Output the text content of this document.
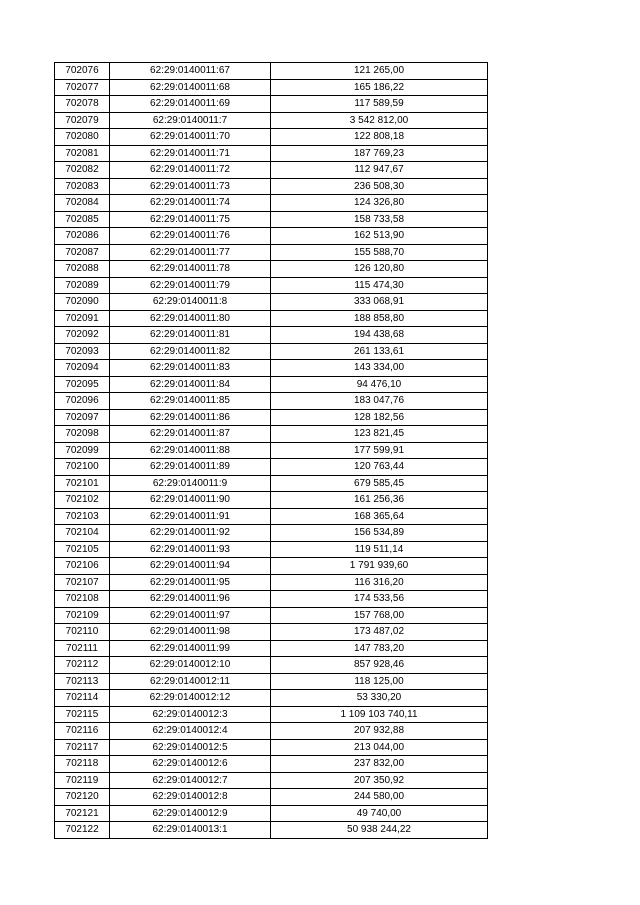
702076	62:29:0140011:67	121 265,00
702077	62:29:0140011:68	165 186,22
702078	62:29:0140011:69	117 589,59
702079	62:29:0140011:7	3 542 812,00
702080	62:29:0140011:70	122 808,18
702081	62:29:0140011:71	187 769,23
702082	62:29:0140011:72	112 947,67
702083	62:29:0140011:73	236 508,30
702084	62:29:0140011:74	124 326,80
702085	62:29:0140011:75	158 733,58
702086	62:29:0140011:76	162 513,90
702087	62:29:0140011:77	155 588,70
702088	62:29:0140011:78	126 120,80
702089	62:29:0140011:79	115 474,30
702090	62:29:0140011:8	333 068,91
702091	62:29:0140011:80	188 858,80
702092	62:29:0140011:81	194 438,68
702093	62:29:0140011:82	261 133,61
702094	62:29:0140011:83	143 334,00
702095	62:29:0140011:84	94 476,10
702096	62:29:0140011:85	183 047,76
702097	62:29:0140011:86	128 182,56
702098	62:29:0140011:87	123 821,45
702099	62:29:0140011:88	177 599,91
702100	62:29:0140011:89	120 763,44
702101	62:29:0140011:9	679 585,45
702102	62:29:0140011:90	161 256,36
702103	62:29:0140011:91	168 365,64
702104	62:29:0140011:92	156 534,89
702105	62:29:0140011:93	119 511,14
702106	62:29:0140011:94	1 791 939,60
702107	62:29:0140011:95	116 316,20
702108	62:29:0140011:96	174 533,56
702109	62:29:0140011:97	157 768,00
702110	62:29:0140011:98	173 487,02
702111	62:29:0140011:99	147 783,20
702112	62:29:0140012:10	857 928,46
702113	62:29:0140012:11	118 125,00
702114	62:29:0140012:12	53 330,20
702115	62:29:0140012:3	1 109 103 740,11
702116	62:29:0140012:4	207 932,88
702117	62:29:0140012:5	213 044,00
702118	62:29:0140012:6	237 832,00
702119	62:29:0140012:7	207 350,92
702120	62:29:0140012:8	244 580,00
702121	62:29:0140012:9	49 740,00
702122	62:29:0140013:1	50 938 244,22
